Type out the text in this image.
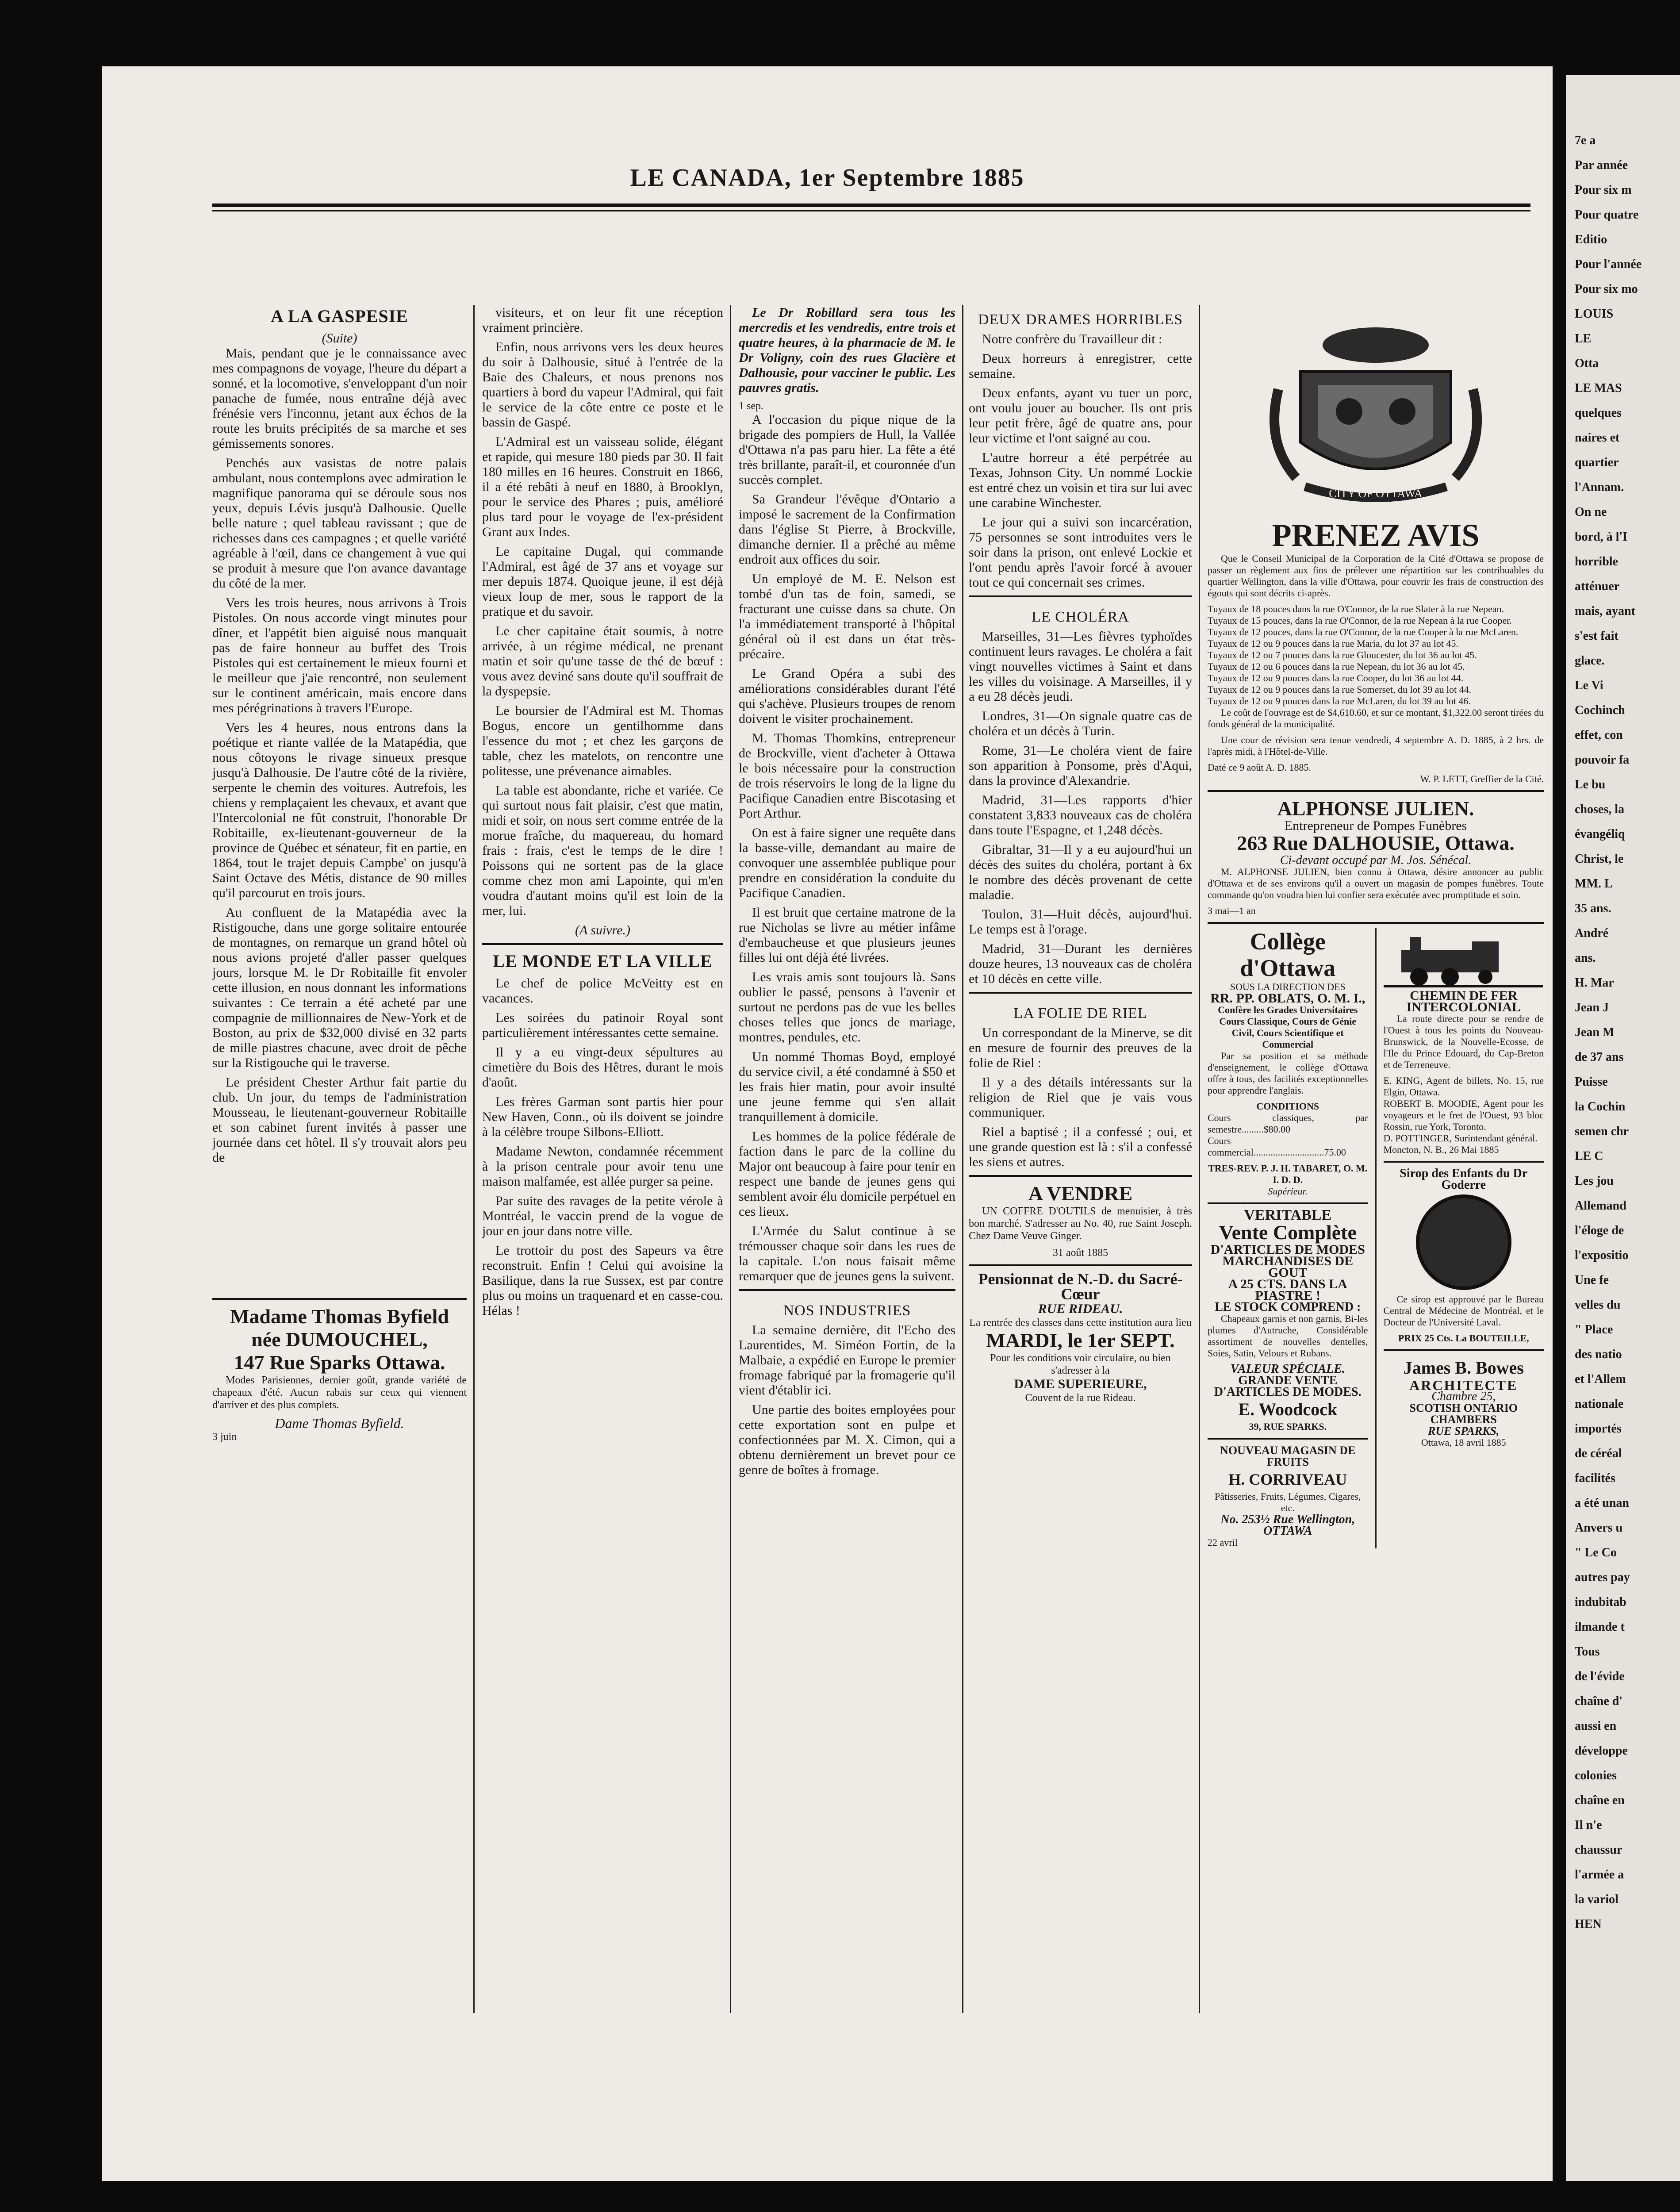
LE CANADA, 1er Septembre 1885
A LA GASPESIE
(Suite)

Mais, pendant que je le connaissance avec mes compagnons de voyage, l'heure du départ a sonné, et la locomotive, s'enveloppant d'un noir panache de fumée, nous entraîne déjà avec frénésie vers l'inconnu, jetant aux échos de la route les bruits précipités de sa marche et ses gémissements sonores.

Penchés aux vasistas de notre palais ambulant, nous contemplons avec admiration le magnifique panorama qui se déroule sous nos yeux, depuis Lévis jusqu'à Dalhousie. Quelle belle nature ; quel tableau ravissant ; que de richesses dans ces campagnes ; et quelle variété agréable à l'œil, dans ce changement à vue qui se produit à mesure que l'on avance davantage du côté de la mer.

Vers les trois heures, nous arrivons à Trois Pistoles. On nous accorde vingt minutes pour dîner, et l'appétit bien aiguisé nous manquait pas de faire honneur au buffet des Trois Pistoles qui est certainement le mieux fourni et le meilleur que j'aie rencontré, non seulement sur le continent américain, mais encore dans mes pérégrinations à travers l'Europe.

Vers les 4 heures, nous entrons dans la poétique et riante vallée de la Matapédia, que nous côtoyons le rivage sinueux presque jusqu'à Dalhousie. De l'autre côté de la rivière, serpente le chemin des voitures. Autrefois, les chiens y remplaçaient les chevaux, et avant que l'Intercolonial ne fût construit, l'honorable Dr Robitaille, ex-lieutenant-gouverneur de la province de Québec et sénateur, fit en partie, en 1864, tout le trajet depuis Campbe' on jusqu'à Saint Octave des Métis, distance de 90 milles qu'il parcourut en trois jours.

Au confluent de la Matapédia avec la Ristigouche, dans une gorge solitaire entourée de montagnes, on remarque un grand hôtel où nous avions projeté d'aller passer quelques jours, lorsque M. le Dr Robitaille fit envoler cette illusion, en nous donnant les informations suivantes : Ce terrain a été acheté par une compagnie de millionnaires de New-York et de Boston, au prix de $32,000 divisé en 32 parts de mille piastres chacune, avec droit de pêche sur la Ristigouche qui le traverse.

Le président Chester Arthur fait partie du club. Un jour, du temps de l'administration Mousseau, le lieutenant-gouverneur Robitaille et son cabinet furent invités à passer une journée dans cet hôtel. Il s'y trouvait alors peu de

Madame Thomas Byfield
née DUMOUCHEL,
147 Rue Sparks Ottawa.

Modes Parisiennes, dernier goût, grande variété de chapeaux d'été. Aucun rabais sur ceux qui viennent d'arriver et des plus complets.

Dame Thomas Byfield.
3 juin

visiteurs, et on leur fit une réception vraiment princière.

Enfin, nous arrivons vers les deux heures du soir à Dalhousie, situé à l'entrée de la Baie des Chaleurs, et nous prenons nos quartiers à bord du vapeur l'Admiral, qui fait le service de la côte entre ce poste et le bassin de Gaspé.

L'Admiral est un vaisseau solide, élégant et rapide, qui mesure 180 pieds par 30. Il fait 180 milles en 16 heures. Construit en 1866, il a été rebâti à neuf en 1880, à Brooklyn, pour le service des Phares ; puis, amélioré plus tard pour le voyage de l'ex-président Grant aux Indes.

Le capitaine Dugal, qui commande l'Admiral, est âgé de 37 ans et voyage sur mer depuis 1874. Quoique jeune, il est déjà vieux loup de mer, sous le rapport de la pratique et du savoir.

Le cher capitaine était soumis, à notre arrivée, à un régime médical, ne prenant matin et soir qu'une tasse de thé de bœuf : vous avez deviné sans doute qu'il souffrait de la dyspepsie.

Le boursier de l'Admiral est M. Thomas Bogus, encore un gentilhomme dans l'essence du mot ; et chez les garçons de table, chez les matelots, on rencontre une politesse, une prévenance aimables.

La table est abondante, riche et variée. Ce qui surtout nous fait plaisir, c'est que matin, midi et soir, on nous sert comme entrée de la morue fraîche, du maquereau, du homard frais : frais, c'est le temps de le dire ! Poissons qui ne sortent pas de la glace comme chez mon ami Lapointe, qui m'en voudra d'autant moins qu'il est loin de la mer, lui.

(A suivre.)
LE MONDE ET LA VILLE

Le chef de police McVeitty est en vacances.

Les soirées du patinoir Royal sont particulièrement intéressantes cette semaine.

Il y a eu vingt-deux sépultures au cimetière du Bois des Hêtres, durant le mois d'août.

Les frères Garman sont partis hier pour New Haven, Conn., où ils doivent se joindre à la célèbre troupe Silbons-Elliott.

Madame Newton, condamnée récemment à la prison centrale pour avoir tenu une maison malfamée, est allée purger sa peine.

Par suite des ravages de la petite vérole à Montréal, le vaccin prend de la vogue de jour en jour dans notre ville.

Le trottoir du post des Sapeurs va être reconstruit. Enfin ! Celui qui avoisine la Basilique, dans la rue Sussex, est par contre plus ou moins un traquenard et en casse-cou. Hélas !

Le Dr Robillard sera tous les mercredis et les vendredis, entre trois et quatre heures, à la pharmacie de M. le Dr Voligny, coin des rues Glacière et Dalhousie, pour vacciner le public. Les pauvres gratis.

1 sep.

A l'occasion du pique nique de la brigade des pompiers de Hull, la Vallée d'Ottawa n'a pas paru hier. La fête a été très brillante, paraît-il, et couronnée d'un succès complet.

Sa Grandeur l'évêque d'Ontario a imposé le sacrement de la Confirmation dans l'église St Pierre, à Brockville, dimanche dernier. Il a prêché au même endroit aux offices du soir.

Un employé de M. E. Nelson est tombé d'un tas de foin, samedi, se fracturant une cuisse dans sa chute. On l'a immédiatement transporté à l'hôpital général où il est dans un état très-précaire.

Le Grand Opéra a subi des améliorations considérables durant l'été qui s'achève. Plusieurs troupes de renom doivent le visiter prochainement.

M. Thomas Thomkins, entrepreneur de Brockville, vient d'acheter à Ottawa le bois nécessaire pour la construction de trois réservoirs le long de la ligne du Pacifique Canadien entre Biscotasing et Port Arthur.

On est à faire signer une requête dans la basse-ville, demandant au maire de convoquer une assemblée publique pour prendre en considération la conduite du Pacifique Canadien.

Il est bruit que certaine matrone de la rue Nicholas se livre au métier infâme d'embaucheuse et que plusieurs jeunes filles lui ont déjà été livrées.

Les vrais amis sont toujours là. Sans oublier le passé, pensons à l'avenir et surtout ne perdons pas de vue les belles choses telles que joncs de mariage, montres, pendules, etc.

Un nommé Thomas Boyd, employé du service civil, a été condamné à $50 et les frais hier matin, pour avoir insulté une jeune femme qui s'en allait tranquillement à domicile.

Les hommes de la police fédérale de faction dans le parc de la colline du Major ont beaucoup à faire pour tenir en respect une bande de jeunes gens qui semblent avoir élu domicile perpétuel en ces lieux.

L'Armée du Salut continue à se trémousser chaque soir dans les rues de la capitale. L'on nous faisait même remarquer que de jeunes gens la suivent.

NOS INDUSTRIES

La semaine dernière, dit l'Echo des Laurentides, M. Siméon Fortin, de la Malbaie, a expédié en Europe le premier fromage fabriqué par la fromagerie qu'il vient d'établir ici.

Une partie des boites employées pour cette exportation sont en pulpe et confectionnées par M. X. Cimon, qui a obtenu dernièrement un brevet pour ce genre de boîtes à fromage.

DEUX DRAMES HORRIBLES

Notre confrère du Travailleur dit :

Deux horreurs à enregistrer, cette semaine.

Deux enfants, ayant vu tuer un porc, ont voulu jouer au boucher. Ils ont pris leur petit frère, âgé de quatre ans, pour leur victime et l'ont saigné au cou.

L'autre horreur a été perpétrée au Texas, Johnson City. Un nommé Lockie est entré chez un voisin et tira sur lui avec une carabine Winchester.

Le jour qui a suivi son incarcération, 75 personnes se sont introduites vers le soir dans la prison, ont enlevé Lockie et l'ont pendu après l'avoir forcé à avouer tout ce qui concernait ses crimes.

LE CHOLÉRA

Marseilles, 31—Les fièvres typhoïdes continuent leurs ravages. Le choléra a fait vingt nouvelles victimes à Saint et dans les villes du voisinage. A Marseilles, il y a eu 28 décès jeudi.

Londres, 31—On signale quatre cas de choléra et un décès à Turin.

Rome, 31—Le choléra vient de faire son apparition à Ponsome, près d'Aqui, dans la province d'Alexandrie.

Madrid, 31—Les rapports d'hier constatent 3,833 nouveaux cas de choléra dans toute l'Espagne, et 1,248 décès.

Gibraltar, 31—Il y a eu aujourd'hui un décès des suites du choléra, portant à 6x le nombre des décès provenant de cette maladie.

Toulon, 31—Huit décès, aujourd'hui. Le temps est à l'orage.

Madrid, 31—Durant les dernières douze heures, 13 nouveaux cas de choléra et 10 décès en cette ville.

LA FOLIE DE RIEL

Un correspondant de la Minerve, se dit en mesure de fournir des preuves de la folie de Riel :

Il y a des détails intéressants sur la religion de Riel que je vais vous communiquer.

Riel a baptisé ; il a confessé ; oui, et une grande question est là : s'il a confessé les siens et autres.

A VENDRE

UN COFFRE D'OUTILS de menuisier, à très bon marché. S'adresser au No. 40, rue Saint Joseph. Chez Dame Veuve Ginger.

31 août 1885
Pensionnat de N.-D. du Sacré-Cœur
RUE RIDEAU.
La rentrée des classes dans cette institution aura lieu
MARDI, le 1er SEPT.
Pour les conditions voir circulaire, ou bien s'adresser à la
DAME SUPERIEURE,
Couvent de la rue Rideau.
CITY OF OTTAWA
PRENEZ AVIS

Que le Conseil Municipal de la Corporation de la Cité d'Ottawa se propose de passer un règlement aux fins de prélever une répartition sur les contribuables du quartier Wellington, dans la ville d'Ottawa, pour couvrir les frais de construction des égouts qui sont décrits ci-après.

Tuyaux de 18 pouces dans la rue O'Connor, de la rue Slater à la rue Nepean.
Tuyaux de 15 pouces, dans la rue O'Connor, de la rue Nepean à la rue Cooper.
Tuyaux de 12 pouces, dans la rue O'Connor, de la rue Cooper à la rue McLaren.
Tuyaux de 12 ou 9 pouces dans la rue Maria, du lot 37 au lot 45.
Tuyaux de 12 ou 7 pouces dans la rue Gloucester, du lot 36 au lot 45.
Tuyaux de 12 ou 6 pouces dans la rue Nepean, du lot 36 au lot 45.
Tuyaux de 12 ou 9 pouces dans la rue Cooper, du lot 36 au lot 44.
Tuyaux de 12 ou 9 pouces dans la rue Somerset, du lot 39 au lot 44.
Tuyaux de 12 ou 9 pouces dans la rue McLaren, du lot 39 au lot 46.

Le coût de l'ouvrage est de $4,610.60, et sur ce montant, $1,322.00 seront tirées du fonds général de la municipalité.

Une cour de révision sera tenue vendredi, 4 septembre A. D. 1885, à 2 hrs. de l'après midi, à l'Hôtel-de-Ville.

Daté ce 9 août A. D. 1885.
W. P. LETT, Greffier de la Cité.
ALPHONSE JULIEN.
Entrepreneur de Pompes Funèbres
263 Rue DALHOUSIE, Ottawa.
Ci-devant occupé par M. Jos. Sénécal.

M. ALPHONSE JULIEN, bien connu à Ottawa, désire annoncer au public d'Ottawa et de ses environs qu'il a ouvert un magasin de pompes funèbres. Toute commande qu'on voudra bien lui confier sera exécutée avec promptitude et soin.

3 mai—1 an
Collège d'Ottawa
SOUS LA DIRECTION DES
RR. PP. OBLATS, O. M. I.,
Confère les Grades Universitaires
Cours Classique, Cours de Génie Civil, Cours Scientifique et Commercial

Par sa position et sa méthode d'enseignement, le collège d'Ottawa offre à tous, des facilités exceptionnelles pour apprendre l'anglais.

CONDITIONS
Cours classiques, par semestre.........$80.00
Cours commercial.............................75.00
TRES-REV. P. J. H. TABARET, O. M. I. D. D.
Supérieur.
VERITABLE
Vente Complète
D'ARTICLES DE MODES
MARCHANDISES DE GOUT
A 25 CTS. DANS LA PIASTRE !
LE STOCK COMPREND :

Chapeaux garnis et non garnis, Bi-les plumes d'Autruche, Considérable assortiment de nouvelles dentelles, Soies, Satin, Velours et Rubans.

VALEUR SPÉCIALE.
GRANDE VENTE D'ARTICLES DE MODES.
E. Woodcock
39, RUE SPARKS.
NOUVEAU MAGASIN DE FRUITS
H. CORRIVEAU
Pâtisseries, Fruits, Légumes, Cigares, etc.
No. 253½ Rue Wellington, OTTAWA
22 avril
CHEMIN DE FER INTERCOLONIAL

La route directe pour se rendre de l'Ouest à tous les points du Nouveau-Brunswick, de la Nouvelle-Ecosse, de l'Ile du Prince Edouard, du Cap-Breton et de Terreneuve.

E. KING, Agent de billets, No. 15, rue Elgin, Ottawa.
ROBERT B. MOODIE, Agent pour les voyageurs et le fret de l'Ouest, 93 bloc Rossin, rue York, Toronto.
D. POTTINGER, Surintendant général.
Moncton, N. B., 26 Mai 1885
Sirop des Enfants du Dr Goderre

Ce sirop est approuvé par le Bureau Central de Médecine de Montréal, et le Docteur de l'Université Laval.

PRIX 25 Cts. La BOUTEILLE,
James B. Bowes
ARCHITECTE
Chambre 25,
SCOTISH ONTARIO CHAMBERS
RUE SPARKS,
Ottawa, 18 avril 1885
7e a
Par année
Pour six m
Pour quatre
Editio
Pour l'année
Pour six mo
LOUIS
LE
Otta
LE MAS
quelques
naires et
quartier
l'Annam.
On ne
bord, à l'I
horrible
atténuer
mais, ayant
s'est fait
glace.
Le Vi
Cochinch
effet, con
pouvoir fa
Le bu
choses, la
évangéliq
Christ, le
MM. L
35 ans.
André
ans.
H. Mar
Jean J
Jean M
de 37 ans
Puisse
la Cochin
semen chr
LE C
Les jou
Allemand
l'éloge de
l'expositio
Une fe
velles du
" Place
des natio
et l'Allem
nationale
importés
de céréal
facilités
a été unan
Anvers u
" Le Co
autres pay
indubitab
ilmande t
Tous
de l'évide
chaîne d'
aussi en
développe
colonies
chaîne en
Il n'e
chaussur
l'armée a
la variol
HEN
